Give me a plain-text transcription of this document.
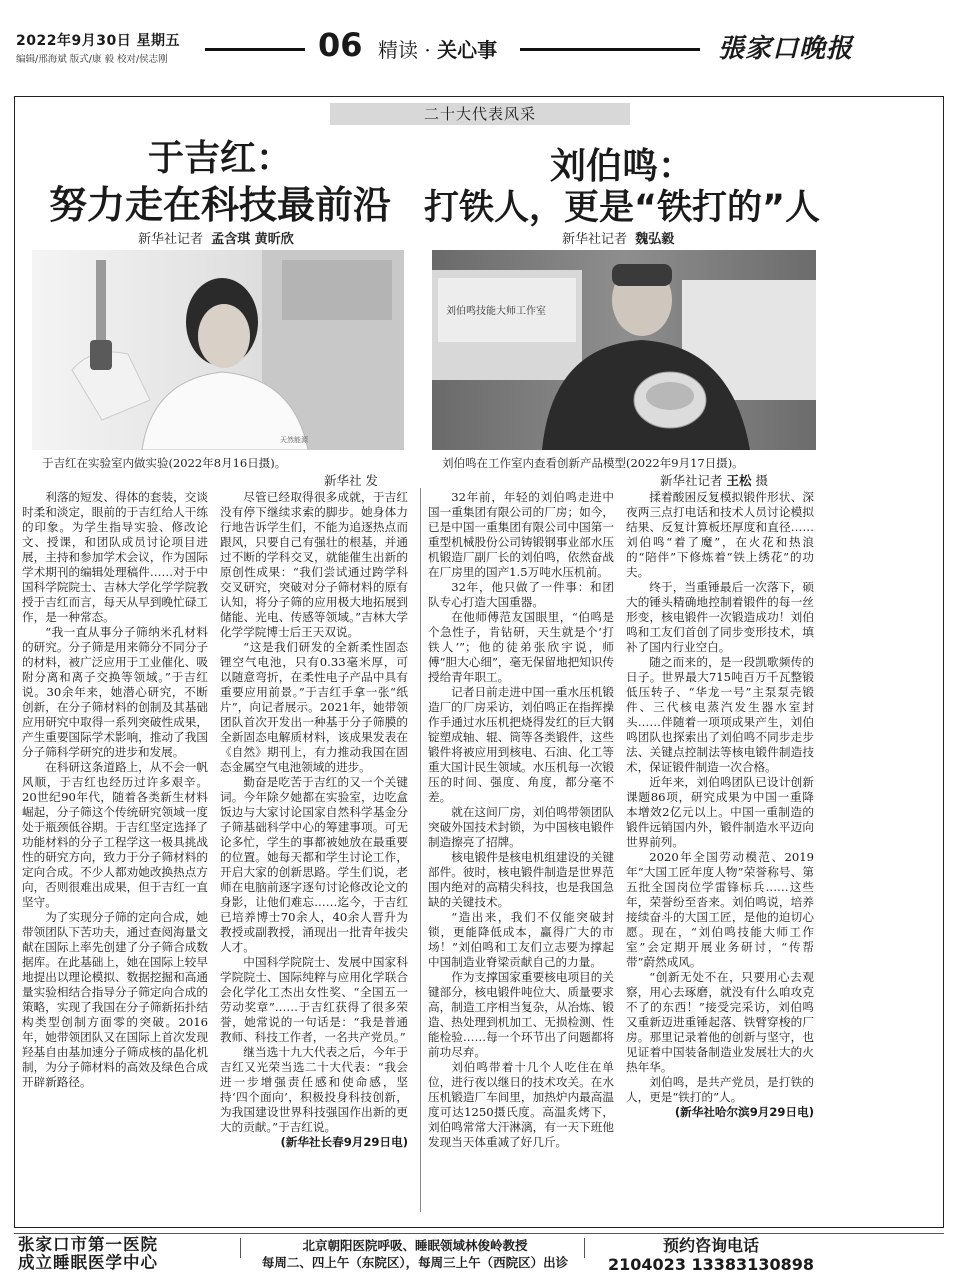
2022年9月30日 星期五
编辑/邢海斌 版式/康 毅 校对/侯志刚	06 精读 · 关心事	張家口晚报
二十大代表风采
于吉红：
努力走在科技最前沿
新华社记者 孟含琪 黄昕欣
刘伯鸣：
打铁人，更是“铁打的”人
新华社记者 魏弘毅
天然能源
于吉红在实验室内做实验(2022年8月16日摄)。
新华社 发
刘伯鸣技能大师工作室
刘伯鸣在工作室内查看创新产品模型(2022年9月17日摄)。
新华社记者 王松 摄

利落的短发、得体的套装，交谈时柔和淡定，眼前的于吉红给人干练的印象。为学生指导实验、修改论文、授课，和团队成员讨论项目进展，主持和参加学术会议，作为国际学术期刊的编辑处理稿件……对于中国科学院院士、吉林大学化学学院教授于吉红而言，每天从早到晚忙碌工作，是一种常态。

“我一直从事分子筛纳米孔材料的研究。分子筛是用来筛分不同分子的材料，被广泛应用于工业催化、吸附分离和离子交换等领域。”于吉红说。30余年来，她潜心研究，不断创新，在分子筛材料的创制及其基础应用研究中取得一系列突破性成果，产生重要国际学术影响，推动了我国分子筛科学研究的进步和发展。

在科研这条道路上，从不会一帆风顺，于吉红也经历过许多艰辛。20世纪90年代，随着各类新生材料崛起，分子筛这个传统研究领域一度处于瓶颈低谷期。于吉红坚定选择了功能材料的分子工程学这一极具挑战性的研究方向，致力于分子筛材料的定向合成。不少人都劝她改换热点方向，否则很难出成果，但于吉红一直坚守。

为了实现分子筛的定向合成，她带领团队下苦功夫，通过查阅海量文献在国际上率先创建了分子筛合成数据库。在此基础上，她在国际上较早地提出以理论模拟、数据挖掘和高通量实验相结合指导分子筛定向合成的策略，实现了我国在分子筛新拓扑结构类型创制方面零的突破。2016年，她带领团队又在国际上首次发现羟基自由基加速分子筛成核的晶化机制，为分子筛材料的高效及绿色合成开辟新路径。

尽管已经取得很多成就，于吉红没有停下继续求索的脚步。她身体力行地告诉学生们，不能为追逐热点而跟风，只要自己有强壮的根基，并通过不断的学科交叉，就能催生出新的原创性成果：“我们尝试通过跨学科交叉研究，突破对分子筛材料的原有认知，将分子筛的应用极大地拓展到储能、光电、传感等领域。”吉林大学化学学院博士后王天双说。

“这是我们研发的全新柔性固态锂空气电池，只有0.33毫米厚，可以随意弯折，在柔性电子产品中具有重要应用前景。”于吉红手拿一张“纸片”，向记者展示。2021年，她带领团队首次开发出一种基于分子筛膜的全新固态电解质材料，该成果发表在《自然》期刊上，有力推动我国在固态金属空气电池领域的进步。

勤奋是吃苦于吉红的又一个关键词。今年除夕她都在实验室，边吃盒饭边与大家讨论国家自然科学基金分子筛基础科学中心的筹建事项。可无论多忙，学生的事都被她放在最重要的位置。她每天都和学生讨论工作，开启大家的创新思路。学生们说，老师在电脑前逐字逐句讨论修改论文的身影，让他们难忘……迄今，于吉红已培养博士70余人，40余人晋升为教授或副教授，涌现出一批青年拔尖人才。

中国科学院院士、发展中国家科学院院士、国际纯粹与应用化学联合会化学化工杰出女性奖、“全国五一劳动奖章”……于吉红获得了很多荣誉，她常说的一句话是：“我是普通教师、科技工作者，一名共产党员。”

继当选十九大代表之后，今年于吉红又光荣当选二十大代表：“我会进一步增强责任感和使命感，坚持‘四个面向’，积极投身科技创新，为我国建设世界科技强国作出新的更大的贡献。”于吉红说。

(新华社长春9月29日电)

32年前，年轻的刘伯鸣走进中国一重集团有限公司的厂房；如今，已是中国一重集团有限公司中国第一重型机械股份公司铸锻钢事业部水压机锻造厂副厂长的刘伯鸣，依然奋战在厂房里的国产1.5万吨水压机前。

32年，他只做了一件事：和团队专心打造大国重器。

在他师傅范友国眼里，“伯鸣是个急性子，肯钻研，天生就是个‘打铁人’”；他的徒弟张欣宇说，师傅“胆大心细”，毫无保留地把知识传授给青年职工。

记者日前走进中国一重水压机锻造厂的厂房采访，刘伯鸣正在指挥操作手通过水压机把烧得发红的巨大钢锭塑成轴、辊、筒等各类锻件，这些锻件将被应用到核电、石油、化工等重大国计民生领域。水压机每一次锻压的时间、强度、角度，都分毫不差。

就在这间厂房，刘伯鸣带领团队突破外国技术封锁，为中国核电锻件制造擦亮了招牌。

核电锻件是核电机组建设的关键部件。彼时，核电锻件制造是世界范围内绝对的高精尖科技，也是我国急缺的关键技术。

“造出来，我们不仅能突破封锁，更能降低成本，赢得广大的市场！”刘伯鸣和工友们立志要为撑起中国制造业脊梁贡献自己的力量。

作为支撑国家重要核电项目的关键部分，核电锻件吨位大、质量要求高，制造工序相当复杂，从冶炼、锻造、热处理到机加工、无损检测、性能检验……每一个环节出了问题都将前功尽弃。

刘伯鸣带着十几个人吃住在单位，进行夜以继日的技术攻关。在水压机锻造厂车间里，加热炉内最高温度可达1250摄氏度。高温炙烤下，刘伯鸣常常大汗淋漓，有一天下班他发现当天体重减了好几斤。

揉着酸困反复模拟锻件形状、深夜两三点打电话和技术人员讨论模拟结果、反复计算板坯厚度和直径……刘伯鸣“着了魔”，在火花和热浪的“陪伴”下修炼着“铁上绣花”的功夫。

终于，当重锤最后一次落下，硕大的锤头精确地控制着锻件的每一丝形变，核电锻件一次锻造成功！刘伯鸣和工友们首创了同步变形技术，填补了国内行业空白。

随之而来的，是一段凯歌频传的日子。世界最大715吨百万千瓦整锻低压转子、“华龙一号”主泵泵壳锻件、三代核电蒸汽发生器水室封头……伴随着一项项成果产生，刘伯鸣团队也探索出了刘伯鸣不同步走步法、关键点控制法等核电锻件制造技术，保证锻件制造一次合格。

近年来，刘伯鸣团队已设计创新课题86项，研究成果为中国一重降本增效2亿元以上。中国一重制造的锻件远销国内外，锻件制造水平迈向世界前列。

2020年全国劳动模范、2019年“大国工匠年度人物”荣誉称号、第五批全国岗位学雷锋标兵……这些年，荣誉纷至沓来。刘伯鸣说，培养接续奋斗的大国工匠，是他的迫切心愿。现在，“刘伯鸣技能大师工作室”会定期开展业务研讨，“传帮带”蔚然成风。

“创新无处不在，只要用心去观察，用心去琢磨，就没有什么咱攻克不了的东西！”接受完采访，刘伯鸣又重新迈进重锤起落、铁臂穿梭的厂房。那里记录着他的创新与坚守，也见证着中国装备制造业发展壮大的火热年华。

刘伯鸣，是共产党员，是打铁的人，更是“铁打的”人。

(新华社哈尔滨9月29日电)

张家口市第一医院
成立睡眠医学中心
北京朝阳医院呼吸、睡眠领域林俊岭教授
每周二、四上午（东院区），每周三上午（西院区）出诊
预约咨询电话
2104023 13383130898
